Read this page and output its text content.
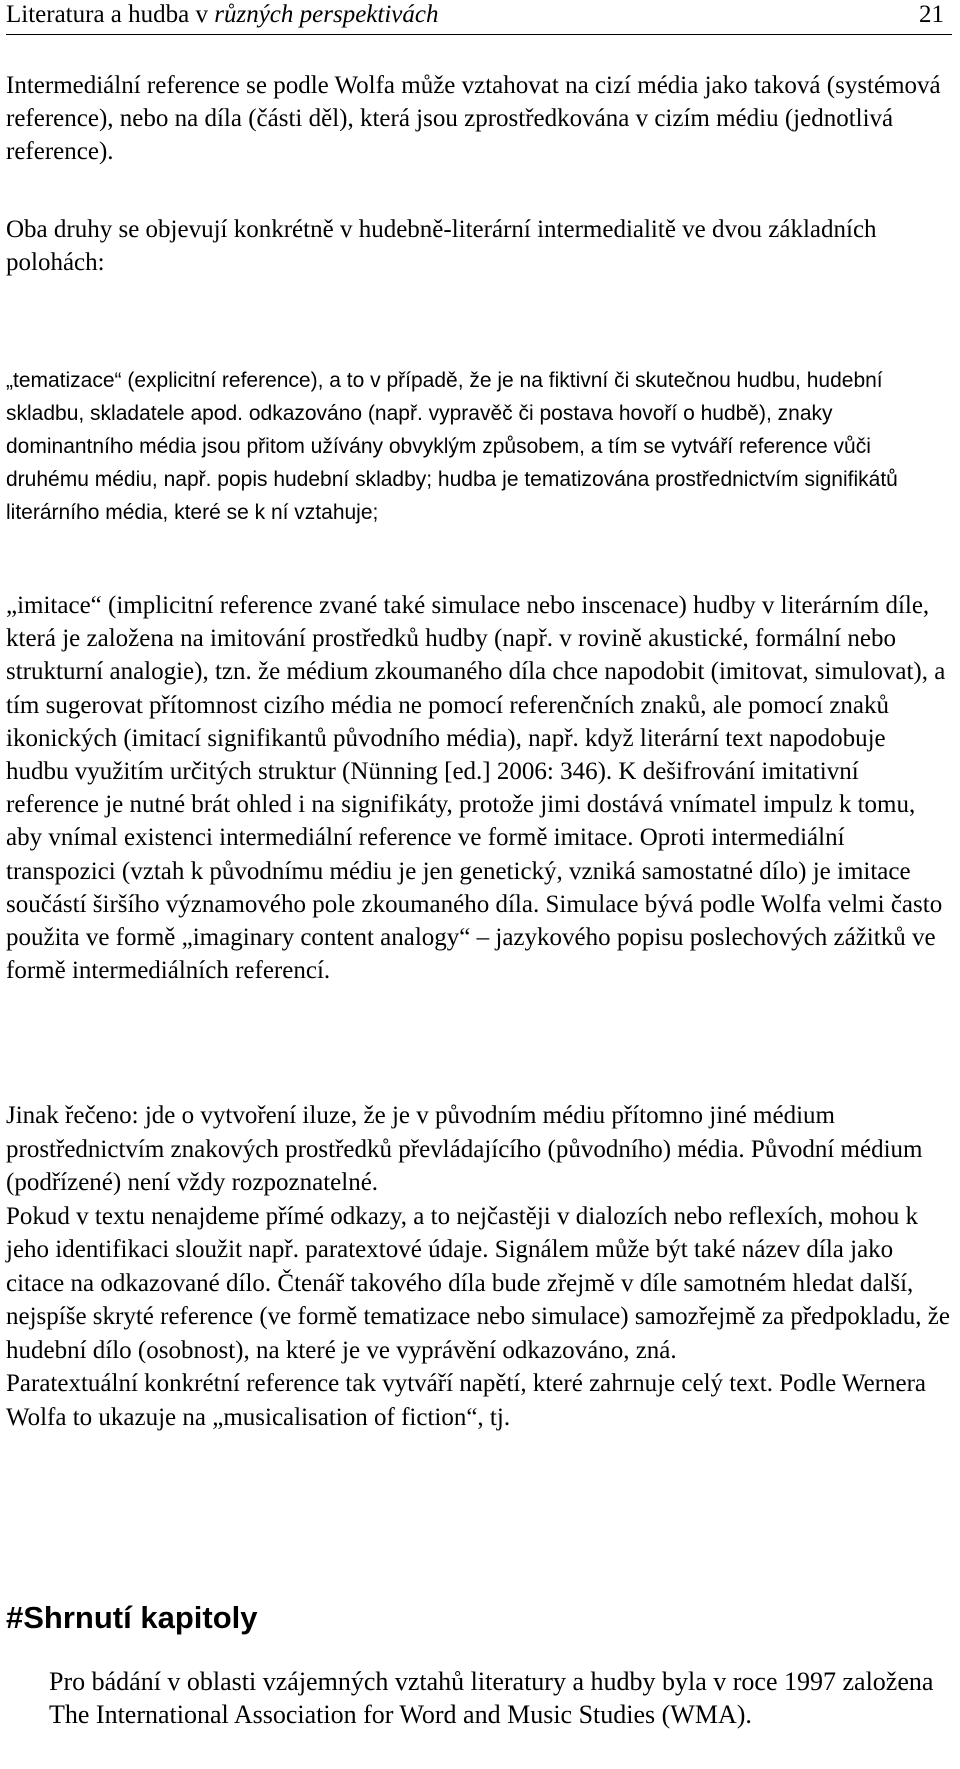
Literatura a hudba v různých perspektivách	21

Intermediální reference se podle Wolfa může vztahovat na cizí média jako taková (systémová reference), nebo na díla (části děl), která jsou zprostředkována v cizím médiu (jednotlivá reference).

Oba druhy se objevují konkrétně v hudebně-literární intermedialitě ve dvou základních polohách:

„tematizace“ (explicitní reference), a to v případě, že je na fiktivní či skutečnou hudbu, hudební skladbu, skladatele apod. odkazováno (např. vypravěč či postava hovoří o hudbě), znaky dominantního média jsou přitom užívány obvyklým způsobem, a tím se vytváří reference vůči druhému médiu, např. popis hudební skladby; hudba je tematizována prostřednictvím signifikátů literárního média, které se k ní vztahuje;

„imitace“ (implicitní reference zvané také simulace nebo inscenace) hudby v literárním díle, která je založena na imitování prostředků hudby (např. v rovině akustické, formální nebo strukturní analogie), tzn. že médium zkoumaného díla chce napodobit (imitovat, simulovat), a tím sugerovat přítomnost cizího média ne pomocí referenčních znaků, ale pomocí znaků ikonických (imitací signifikantů původního média), např. když literární text napodobuje hudbu využitím určitých struktur (Nünning [ed.] 2006: 346). K dešifrování imitativní reference je nutné brát ohled i na signifikáty, protože jimi dostává vnímatel impulz k tomu, aby vnímal existenci intermediální reference ve formě imitace. Oproti intermediální transpozici (vztah k původnímu médiu je jen genetický, vzniká samostatné dílo) je imitace součástí širšího významového pole zkoumaného díla. Simulace bývá podle Wolfa velmi často použita ve formě „imaginary content analogy“ – jazykového popisu poslechových zážitků ve formě intermediálních referencí.

Jinak řečeno: jde o vytvoření iluze, že je v původním médiu přítomno jiné médium prostřednictvím znakových prostředků převládajícího (původního) média. Původní médium (podřízené) není vždy rozpoznatelné.

Pokud v textu nenajdeme přímé odkazy, a to nejčastěji v dialozích nebo reflexích, mohou k jeho identifikaci sloužit např. paratextové údaje. Signálem může být také název díla jako citace na odkazované dílo. Čtenář takového díla bude zřejmě v díle samotném hledat další, nejspíše skryté reference (ve formě tematizace nebo simulace) samozřejmě za předpokladu, že hudební dílo (osobnost), na které je ve vyprávění odkazováno, zná.

Paratextuální konkrétní reference tak vytváří napětí, které zahrnuje celý text. Podle Wernera Wolfa to ukazuje na „musicalisation of fiction“, tj.

#Shrnutí kapitoly

Pro bádání v oblasti vzájemných vztahů literatury a hudby byla v roce 1997 založena The International Association for Word and Music Studies (WMA).
